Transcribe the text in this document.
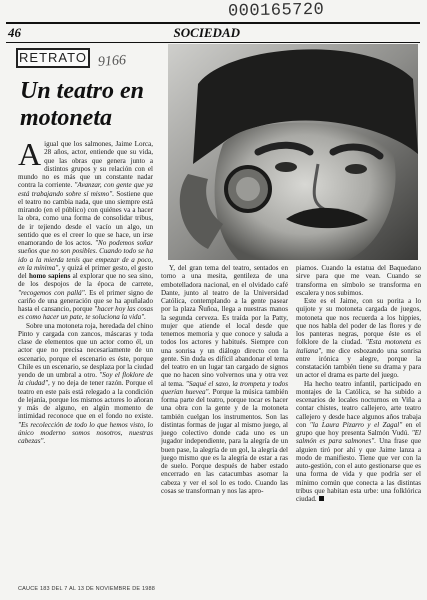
000165720
46	SOCIEDAD
RETRATO 9166
Un teatro en motoneta

Aigual que los salmones, Jaime Lorca, 28 años, actor, entiende que su vida, que las obras que genera junto a distintos grupos y su relación con el mundo no es más que un constante nadar contra la corriente. "Avanzar, con gente que ya está trabajando sobre sí mismo". Sostiene que el teatro no cambia nada, que uno siempre está mirando (en el público) con quiénes va a hacer la obra, como una forma de consolidar tribus, de ir tejiendo desde el vacío un algo, un sentido que es el creer lo que se hace, un irse enamorando de los actos. "No podemos soñar sueños que no son posibles. Cuando todo se ha ido a la mierda tenís que empezar de a poco, en la mínima", y quizá el primer gesto, el gesto del homo sapiens al explorar que no sea sino, de los despojos de la época de carrete, "recogemos con pallá". Es el primer signo de cariño de una generación que se ha apuñalado hasta el cansancio, porque "hacer hoy las cosas es como hacer un pate, te soluciona la vida".

Sobre una motoneta roja, heredada del chino Pinto y cargada con zancos, máscaras y toda clase de elementos que un actor como él, un actor que no precisa necesariamente de un escenario, porque el escenario es éste, porque Chile es un escenario, se desplaza por la ciudad yendo de un umbral a otro. "Soy el floklore de la ciudad", y no deja de tener razón. Porque el teatro en este país está relegado a la condición de lejanía, porque los mismos actores lo añoran y más de alguno, en algún momento de intimidad reconoce que en el fondo no existe. "Es recolección de todo lo que hemos visto, lo único moderno somos nosotros, nuestras cabezas".

Y, del gran tema del teatro, sentados en torno a una mesita, gentileza de una embotelladora nacional, en el olvidado café Dante, junto al teatro de la Universidad Católica, contemplando a la gente pasear por la plaza Ñuñoa, llega a nuestras manos la segunda cerveza. Es traída por la Patty, mujer que atiende el local desde que tenemos memoria y que conoce y saluda a todos los actores y habitués. Siempre con una sonrisa y un diálogo directo con la gente. Sin duda es difícil abandonar el tema del teatro en un lugar tan cargado de signos que no hacen sino volvernos una y otra vez al tema. "Saqué el saxo, la trompeta y todos querían huevea". Porque la música también forma parte del teatro, porque tocar es hacer una obra con la gente y de la motoneta también cuelgan los instrumentos. Son las distintas formas de jugar al mismo juego, al juego colectivo donde cada uno es un jugador independiente, para la alegría de un buen pase, la alegría de un gol, la alegría del juego mismo que es la alegría de estar a ras de suelo. Porque después de haber estado encerrado en las catacumbas asomar la cabeza y ver el sol lo es todo. Cuando las cosas se transforman y nos las apro-

piamos. Cuando la estatua del Baquedano sirve para que me vean. Cuando se transforma en símbolo se transforma en escalera y nos subimos.

Este es el Jaime, con su porita a lo quijote y su motoneta cargada de juegos, motoneta que nos recuerda a los hippies, que nos habla del poder de las flores y de los panteras negras, porque éste es el folklore de la ciudad. "Esta motoneta es italiana", me dice esbozando una sonrisa entre irónica y alegre, porque la constatación también tiene su drama y para un actor el drama es parte del juego.

Ha hecho teatro infantil, participado en montajes de la Católica, se ha subido a escenarios de locales nocturnos en Viña a contar chistes, teatro callejero, arte teatro callejero y desde hace algunos años trabaja con "la Laura Pizarro y el Zagal" en el grupo que hoy presenta Salmón Vudú. "El salmón es para salmones". Una frase que alguien tiró por ahí y que Jaime lanza a modo de manifiesto. Tiene que ver con la auto-gestión, con el auto gestionarse que es una forma de vida y que podría ser el mínimo común que conecta a las distintas tribus que habitan esta urbe: una folklórica ciudad.

CAUCE 183 DEL 7 AL 13 DE NOVIEMBRE DE 1988
